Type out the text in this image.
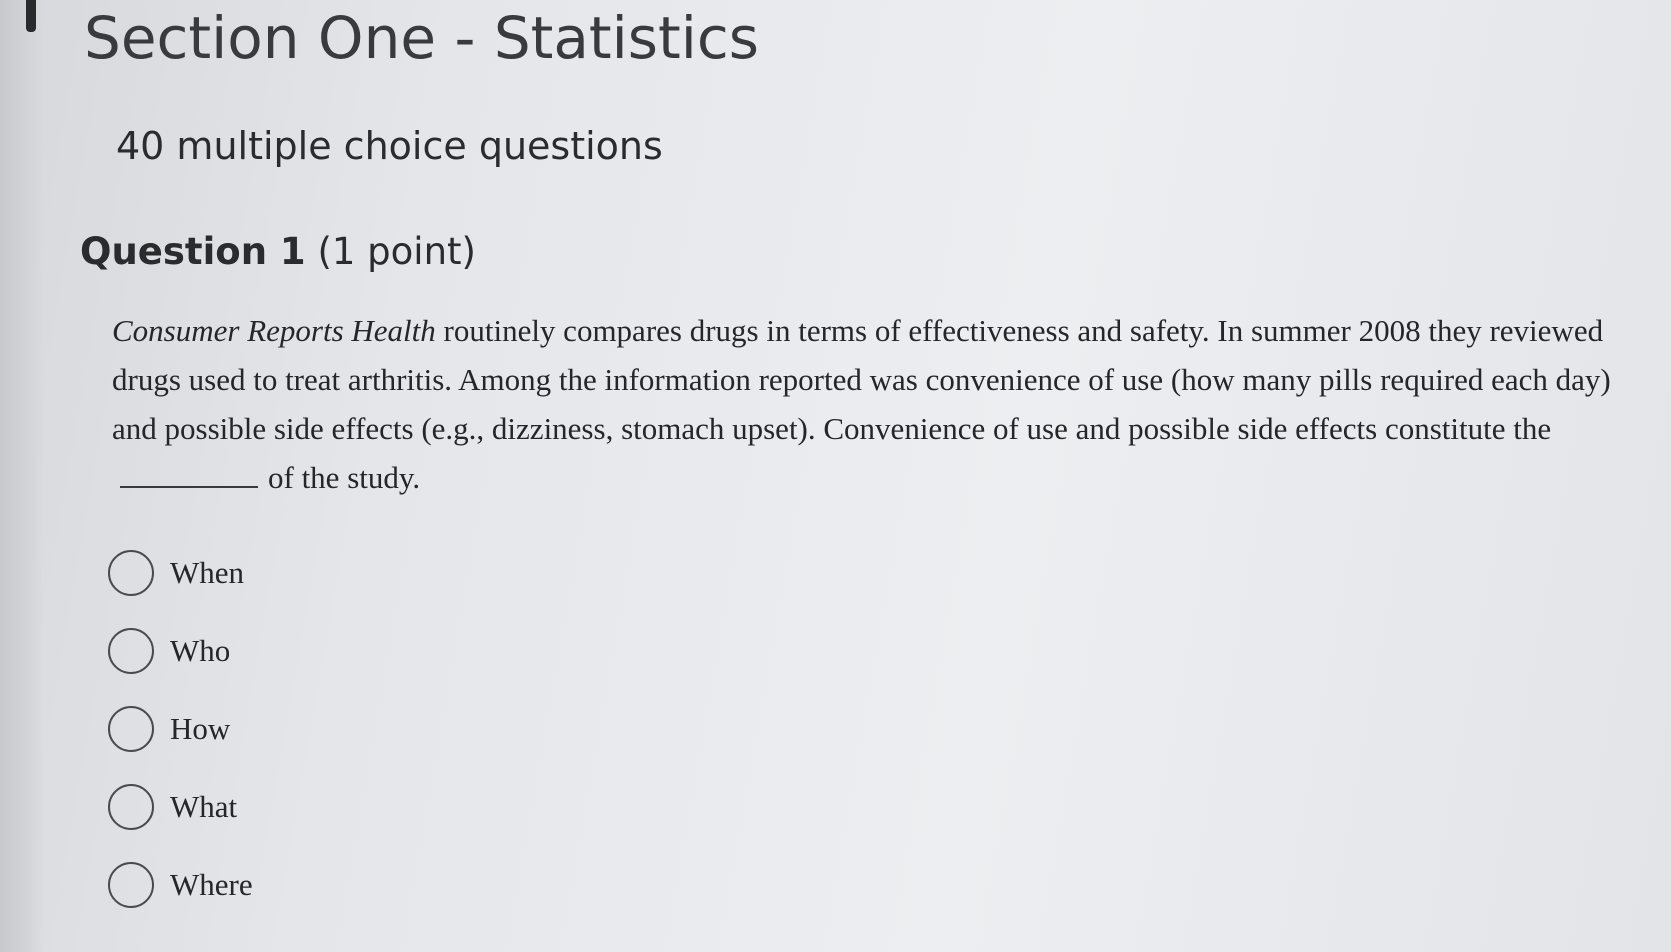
Section One - Statistics
40 multiple choice questions
Question 1 (1 point)

Consumer Reports Health routinely compares drugs in terms of effectiveness and safety. In summer 2008 they reviewed drugs used to treat arthritis. Among the information reported was convenience of use (how many pills required each day) and possible side effects (e.g., dizziness, stomach upset). Convenience of use and possible side effects constitute theof the study.

When
Who
How
What
Where
